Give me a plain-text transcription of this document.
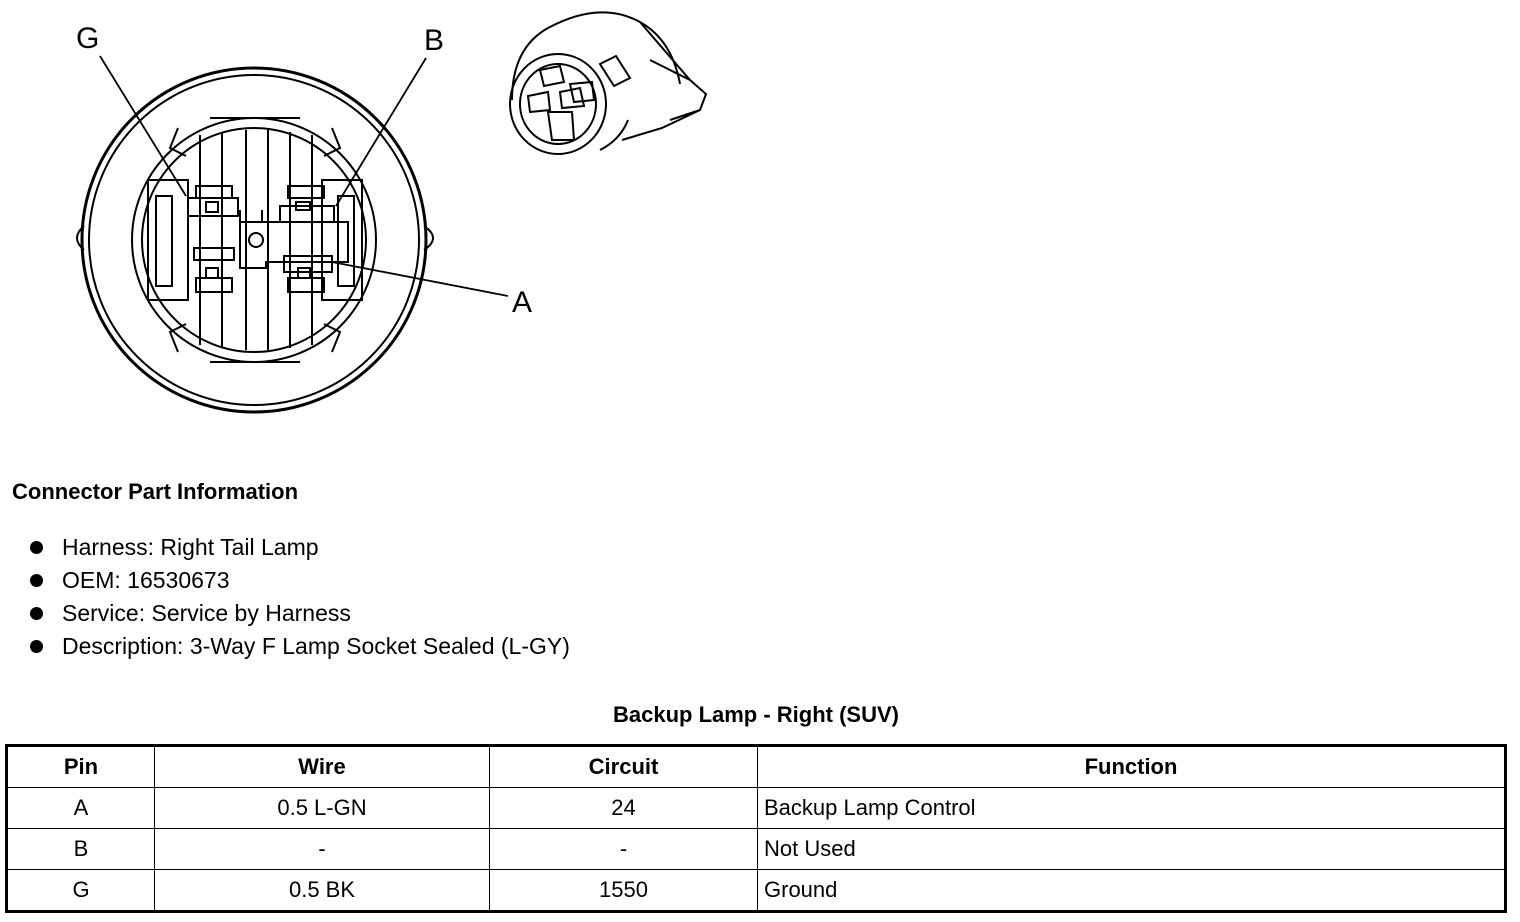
G	B
A
Connector Part Information
Harness: Right Tail Lamp
OEM: 16530673
Service: Service by Harness
Description: 3-Way F Lamp Socket Sealed (L-GY)
Backup Lamp - Right (SUV)
Pin	Wire	Circuit	Function
A	0.5 L-GN	24	Backup Lamp Control
B	-	-	Not Used
G	0.5 BK	1550	Ground
